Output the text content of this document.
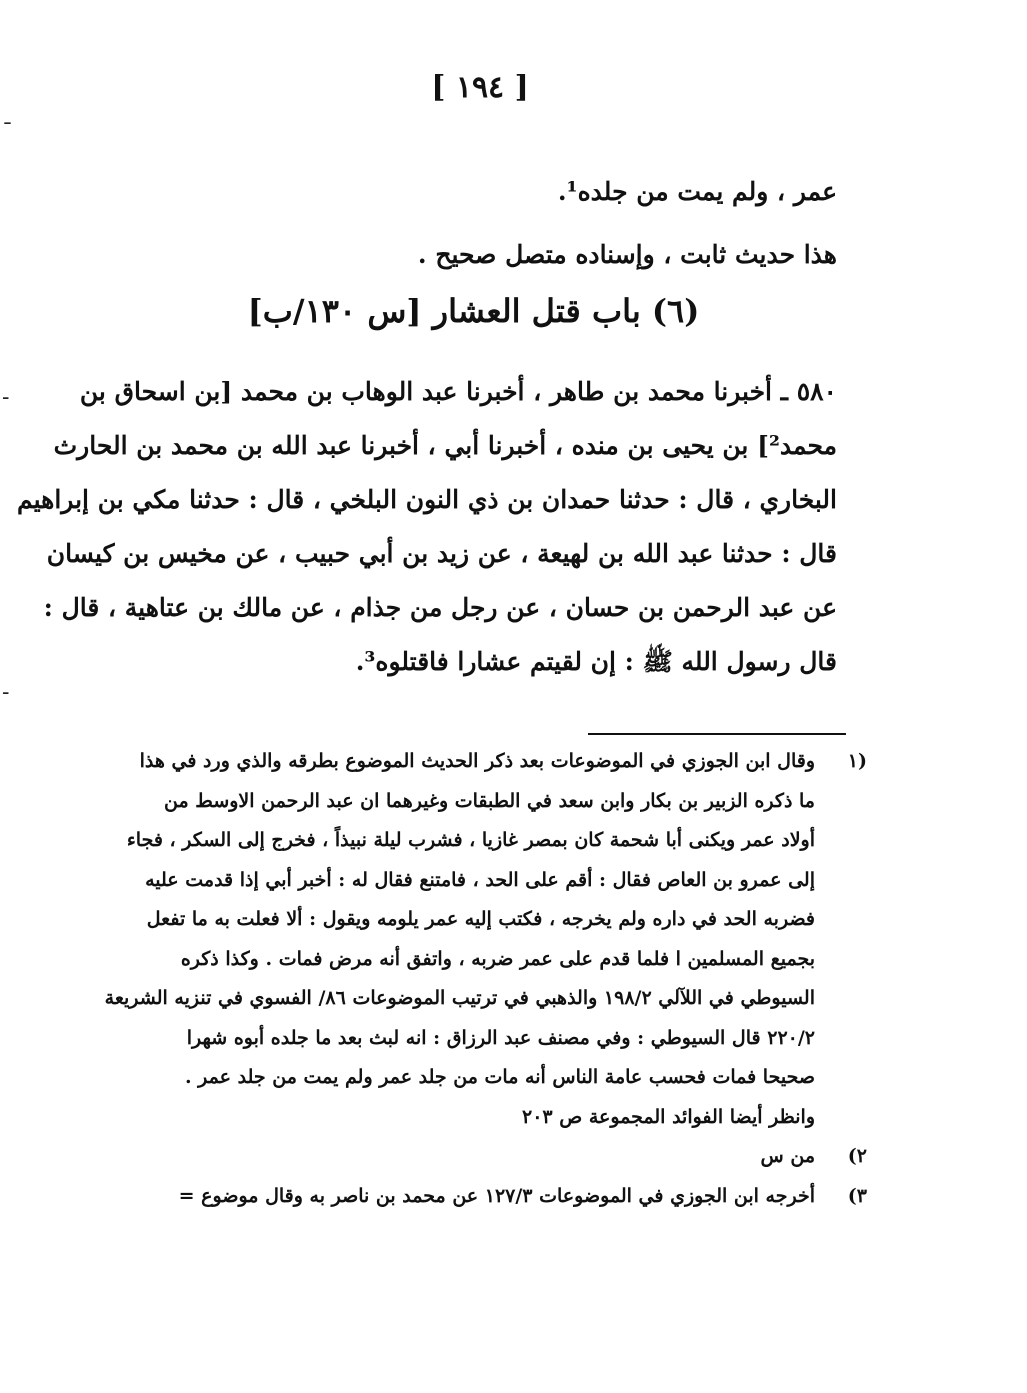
[ ١٩٤ ]
عمر ، ولم يمت من جلده¹.
هذا حديث ثابت ، وإسناده متصل صحيح .
(٦) باب قتل العشار [س ١٣٠/ب]
٥٨٠ ـ أخبرنا محمد بن طاهر ، أخبرنا عبد الوهاب بن محمد [بن اسحاق بن
محمد²] بن يحيى بن منده ، أخبرنا أبي ، أخبرنا عبد الله بن محمد بن الحارث
البخاري ، قال : حدثنا حمدان بن ذي النون البلخي ، قال : حدثنا مكي بن إبراهيم
قال : حدثنا عبد الله بن لهيعة ، عن زيد بن أبي حبيب ، عن مخيس بن كيسان
عن عبد الرحمن بن حسان ، عن رجل من جذام ، عن مالك بن عتاهية ، قال :
قال رسول الله ﷺ : إن لقيتم عشارا فاقتلوه³.
(١
وقال ابن الجوزي في الموضوعات بعد ذكر الحديث الموضوع بطرقه والذي ورد في هذا
ما ذكره الزبير بن بكار وابن سعد في الطبقات وغيرهما ان عبد الرحمن الاوسط من
أولاد عمر ويكنى أبا شحمة كان بمصر غازيا ، فشرب ليلة نبيذاً ، فخرج إلى السكر ، فجاء
إلى عمرو بن العاص فقال : أقم على الحد ، فامتنع فقال له : أخبر أبي إذا قدمت عليه
فضربه الحد في داره ولم يخرجه ، فكتب إليه عمر يلومه ويقول : ألا فعلت به ما تفعل
بجميع المسلمين ا فلما قدم على عمر ضربه ، واتفق أنه مرض فمات . وكذا ذكره
السيوطي في اللآلي ١٩٨/٢ والذهبي في ترتيب الموضوعات ٨٦/ الفسوي في تنزيه الشريعة
٢٢٠/٢ قال السيوطي : وفي مصنف عبد الرزاق : انه لبث بعد ما جلده أبوه شهرا
صحيحا فمات فحسب عامة الناس أنه مات من جلد عمر ولم يمت من جلد عمر .
وانظر أيضا الفوائد المجموعة ص ٢٠٣
٢)
من س
٣)
أخرجه ابن الجوزي في الموضوعات ١٢٧/٣ عن محمد بن ناصر به وقال موضوع =
¯
-
-
